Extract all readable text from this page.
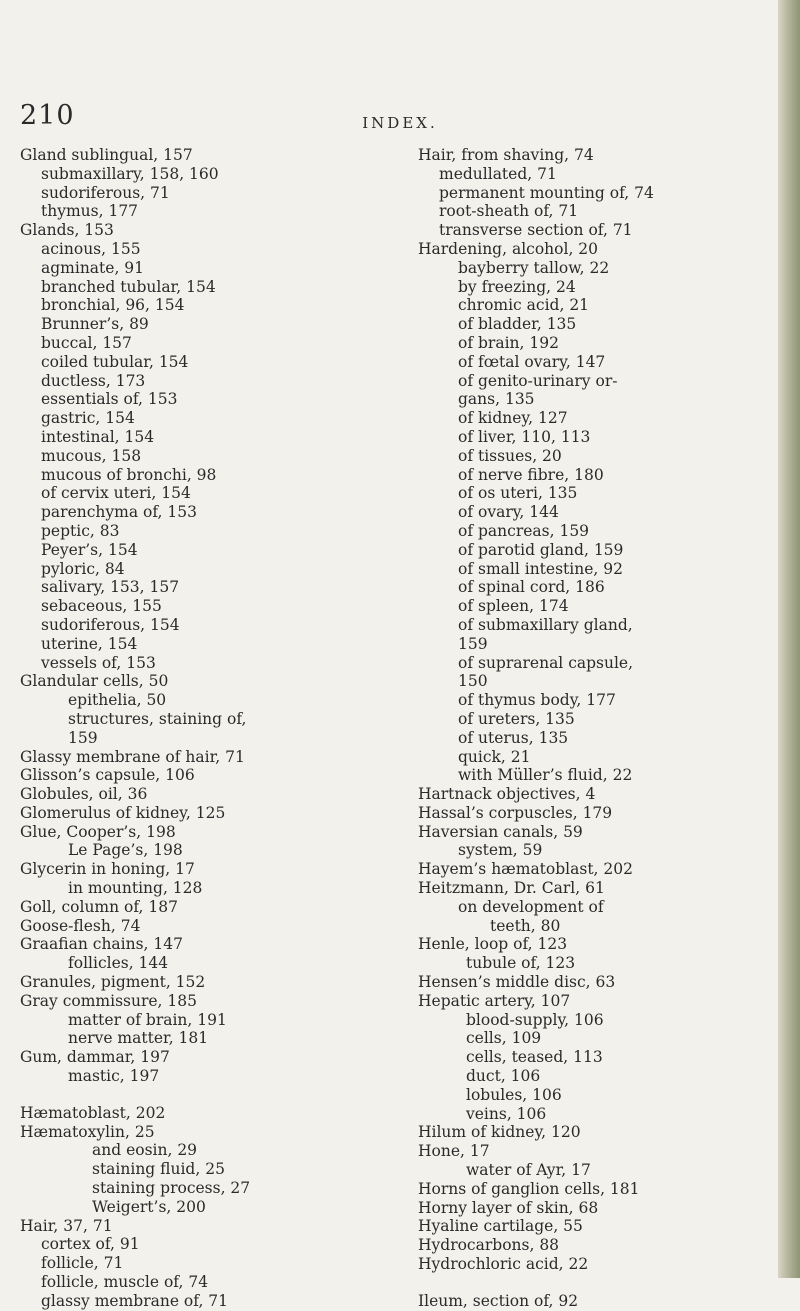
210	INDEX.
Gland sublingual, 157
submaxillary, 158, 160
sudoriferous, 71
thymus, 177
Glands, 153
acinous, 155
agminate, 91
branched tubular, 154
bronchial, 96, 154
Brunner’s, 89
buccal, 157
coiled tubular, 154
ductless, 173
essentials of, 153
gastric, 154
intestinal, 154
mucous, 158
mucous of bronchi, 98
of cervix uteri, 154
parenchyma of, 153
peptic, 83
Peyer’s, 154
pyloric, 84
salivary, 153, 157
sebaceous, 155
sudoriferous, 154
uterine, 154
vessels of, 153
Glandular cells, 50
epithelia, 50
structures, staining of,
159
Glassy membrane of hair, 71
Glisson’s capsule, 106
Globules, oil, 36
Glomerulus of kidney, 125
Glue, Cooper’s, 198
Le Page’s, 198
Glycerin in honing, 17
in mounting, 128
Goll, column of, 187
Goose-flesh, 74
Graafian chains, 147
follicles, 144
Granules, pigment, 152
Gray commissure, 185
matter of brain, 191
nerve matter, 181
Gum, dammar, 197
mastic, 197
Hæmatoblast, 202
Hæmatoxylin, 25
and eosin, 29
staining fluid, 25
staining process, 27
Weigert’s, 200
Hair, 37, 71
cortex of, 91
follicle, 71
follicle, muscle of, 74
glassy membrane of, 71
Hair, from shaving, 74
medullated, 71
permanent mounting of, 74
root-sheath of, 71
transverse section of, 71
Hardening, alcohol, 20
bayberry tallow, 22
by freezing, 24
chromic acid, 21
of bladder, 135
of brain, 192
of fœtal ovary, 147
of genito-urinary or-
gans, 135
of kidney, 127
of liver, 110, 113
of tissues, 20
of nerve fibre, 180
of os uteri, 135
of ovary, 144
of pancreas, 159
of parotid gland, 159
of small intestine, 92
of spinal cord, 186
of spleen, 174
of submaxillary gland,
159
of suprarenal capsule,
150
of thymus body, 177
of ureters, 135
of uterus, 135
quick, 21
with Müller’s fluid, 22
Hartnack objectives, 4
Hassal’s corpuscles, 179
Haversian canals, 59
system, 59
Hayem’s hæmatoblast, 202
Heitzmann, Dr. Carl, 61
on development of
teeth, 80
Henle, loop of, 123
tubule of, 123
Hensen’s middle disc, 63
Hepatic artery, 107
blood-supply, 106
cells, 109
cells, teased, 113
duct, 106
lobules, 106
veins, 106
Hilum of kidney, 120
Hone, 17
water of Ayr, 17
Horns of ganglion cells, 181
Horny layer of skin, 68
Hyaline cartilage, 55
Hydrocarbons, 88
Hydrochloric acid, 22
Ileum, section of, 92
